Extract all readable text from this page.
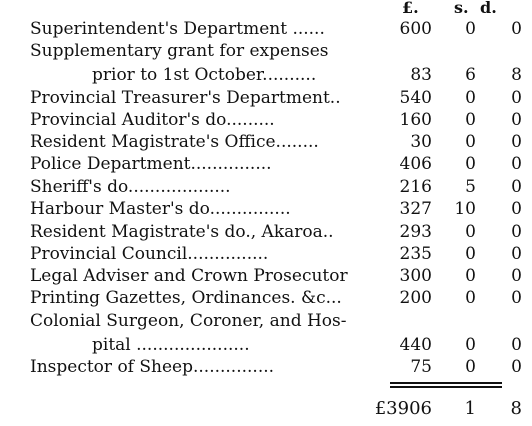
£. s. d.
Superintendent's Department ......	600	0	0
Supplementary grant for expenses
prior to 1st October..........	83	6	8
Provincial Treasurer's Department..	540	0	0
Provincial Auditor's do.........	160	0	0
Resident Magistrate's Office........	30	0	0
Police Department...............	406	0	0
Sheriff's do...................	216	5	0
Harbour Master's do...............	327	10	0
Resident Magistrate's do., Akaroa..	293	0	0
Provincial Council...............	235	0	0
Legal Adviser and Crown Prosecutor	300	0	0
Printing Gazettes, Ordinances. &c...	200	0	0
Colonial Surgeon, Coroner, and Hos-
pital .....................	440	0	0
Inspector of Sheep...............	75	0	0
£3906	1	8
